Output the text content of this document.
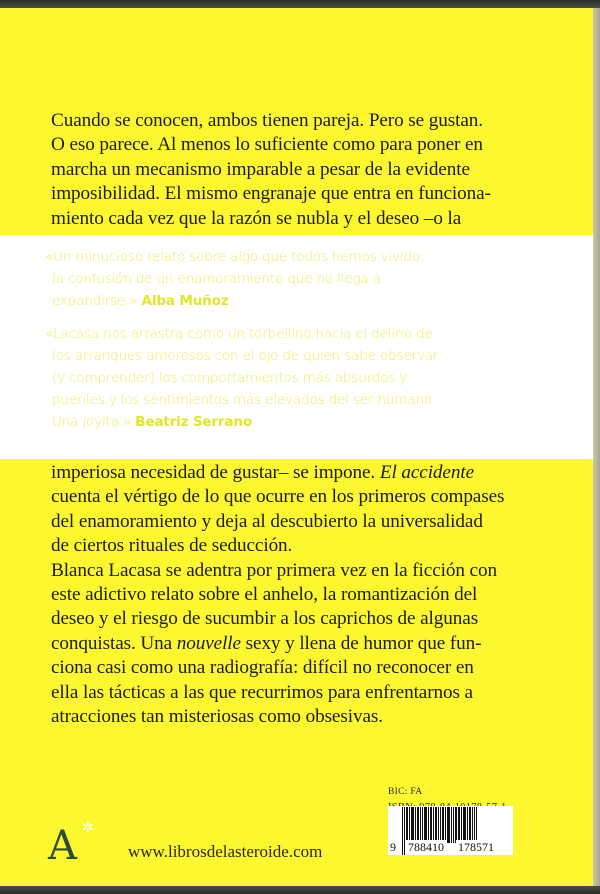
Cuando se conocen, ambos tienen pareja. Pero se gustan.
O eso parece. Al menos lo suficiente como para poner en
marcha un mecanismo imparable a pesar de la evidente
imposibilidad. El mismo engranaje que entra en funciona-
miento cada vez que la razón se nubla y el deseo –o la
«Un minucioso relato sobre algo que todos hemos vivido:
la confusión de un enamoramiento que no llega a
expandirse.» Alba Muñoz
«Lacasa nos arrastra como un torbellino hacia el delirio de
los arranques amorosos con el ojo de quien sabe observar
(y comprender) los comportamientos más absurdos y
pueriles y los sentimientos más elevados del ser humano.
Una joyita.» Beatriz Serrano
imperiosa necesidad de gustar– se impone. El accidente
cuenta el vértigo de lo que ocurre en los primeros compases
del enamoramiento y deja al descubierto la universalidad
de ciertos rituales de seducción.
Blanca Lacasa se adentra por primera vez en la ficción con
este adictivo relato sobre el anhelo, la romantización del
deseo y el riesgo de sucumbir a los caprichos de algunas
conquistas. Una nouvelle sexy y llena de humor que fun-
ciona casi como una radiografía: difícil no reconocer en
ella las tácticas a las que recurrimos para enfrentarnos a
atracciones tan misteriosas como obsesivas.
BIC: FA
9	788410 178571
A ✲
www.librosdelasteroide.com
